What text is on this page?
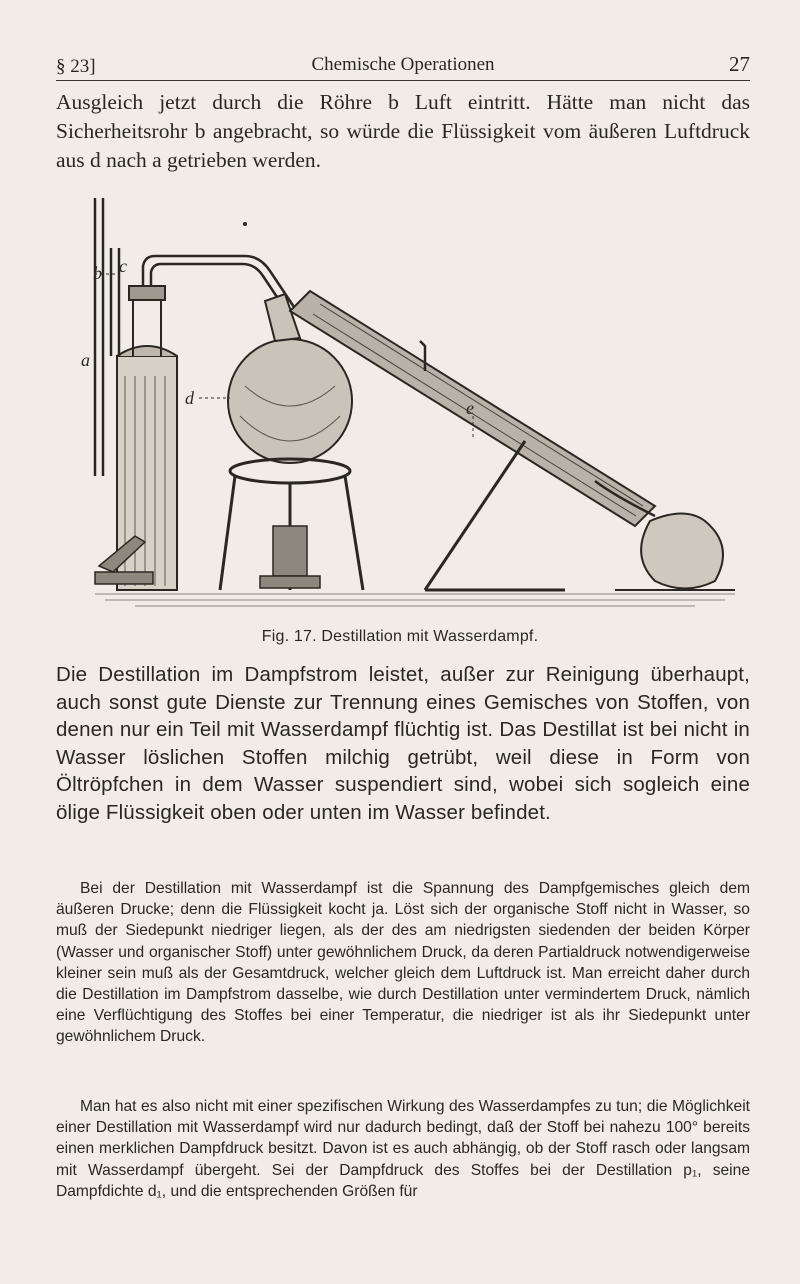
§ 23]	Chemische Operationen	27

Ausgleich jetzt durch die Röhre b Luft eintritt. Hätte man nicht das Sicherheitsrohr b angebracht, so würde die Flüssigkeit vom äußeren Luftdruck aus d nach a getrieben werden.

b c
a
d	e
Fig. 17. Destillation mit Wasserdampf.

Die Destillation im Dampfstrom leistet, außer zur Reinigung überhaupt, auch sonst gute Dienste zur Trennung eines Gemisches von Stoffen, von denen nur ein Teil mit Wasserdampf flüchtig ist. Das Destillat ist bei nicht in Wasser löslichen Stoffen milchig getrübt, weil diese in Form von Öltröpfchen in dem Wasser suspendiert sind, wobei sich sogleich eine ölige Flüssigkeit oben oder unten im Wasser befindet.

Bei der Destillation mit Wasserdampf ist die Spannung des Dampfgemisches gleich dem äußeren Drucke; denn die Flüssigkeit kocht ja. Löst sich der organische Stoff nicht in Wasser, so muß der Siedepunkt niedriger liegen, als der des am niedrigsten siedenden der beiden Körper (Wasser und organischer Stoff) unter gewöhnlichem Druck, da deren Partialdruck notwendigerweise kleiner sein muß als der Gesamtdruck, welcher gleich dem Luftdruck ist. Man erreicht daher durch die Destillation im Dampfstrom dasselbe, wie durch Destillation unter vermindertem Druck, nämlich eine Verflüchtigung des Stoffes bei einer Temperatur, die niedriger ist als ihr Siedepunkt unter gewöhnlichem Druck.

Man hat es also nicht mit einer spezifischen Wirkung des Wasserdampfes zu tun; die Möglichkeit einer Destillation mit Wasserdampf wird nur dadurch bedingt, daß der Stoff bei nahezu 100° bereits einen merklichen Dampfdruck besitzt. Davon ist es auch abhängig, ob der Stoff rasch oder langsam mit Wasserdampf übergeht. Sei der Dampfdruck des Stoffes bei der Destillation p₁, seine Dampfdichte d₁, und die entsprechenden Größen für
